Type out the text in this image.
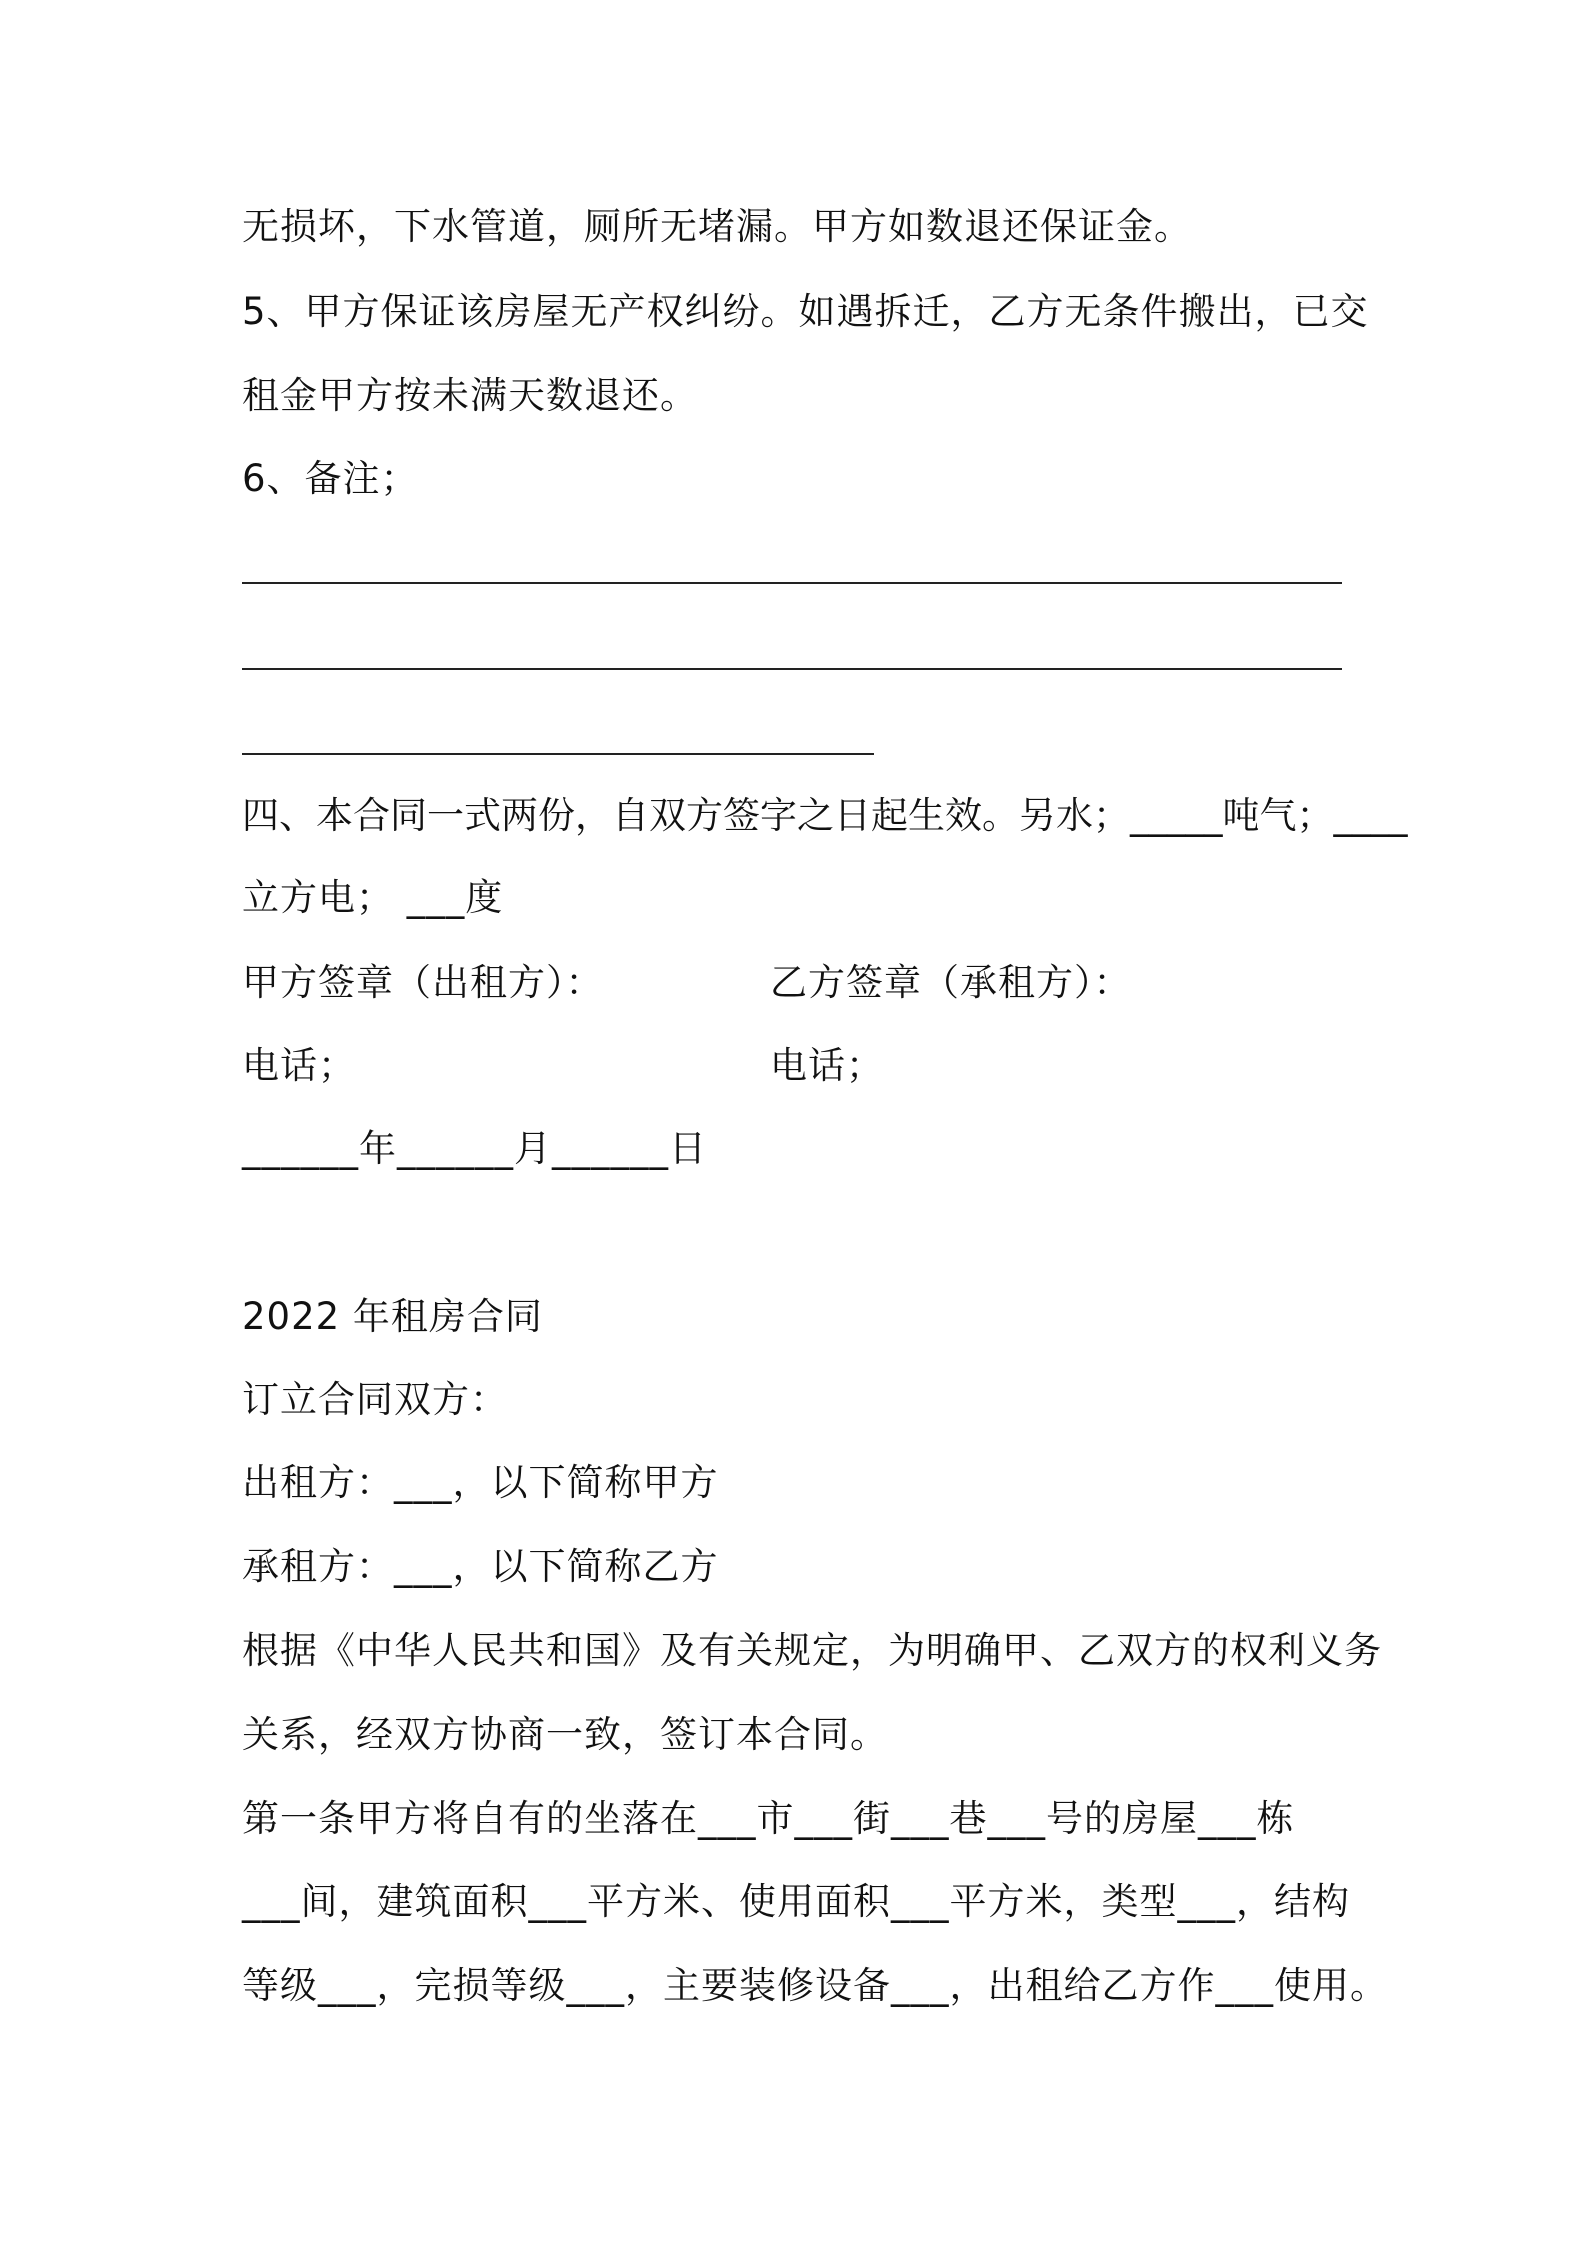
无损坏，下水管道，厕所无堵漏。甲方如数退还保证金。
5、甲方保证该房屋无产权纠纷。如遇拆迁，乙方无条件搬出，已交
租金甲方按未满天数退还。
6、备注；
四、本合同一式两份，自双方签字之日起生效。另水；_____吨气；____
立方电； ___度
甲方签章（出租方）：	乙方签章（承租方）：
电话；	电话；
______年______月______日
2022 年租房合同
订立合同双方：
出租方：___，以下简称甲方
承租方：___，以下简称乙方
根据《中华人民共和国》及有关规定，为明确甲、乙双方的权利义务
关系，经双方协商一致，签订本合同。
第一条甲方将自有的坐落在___市___街___巷___号的房屋___栋
___间，建筑面积___平方米、使用面积___平方米，类型___，结构
等级___，完损等级___，主要装修设备___，出租给乙方作___使用。
